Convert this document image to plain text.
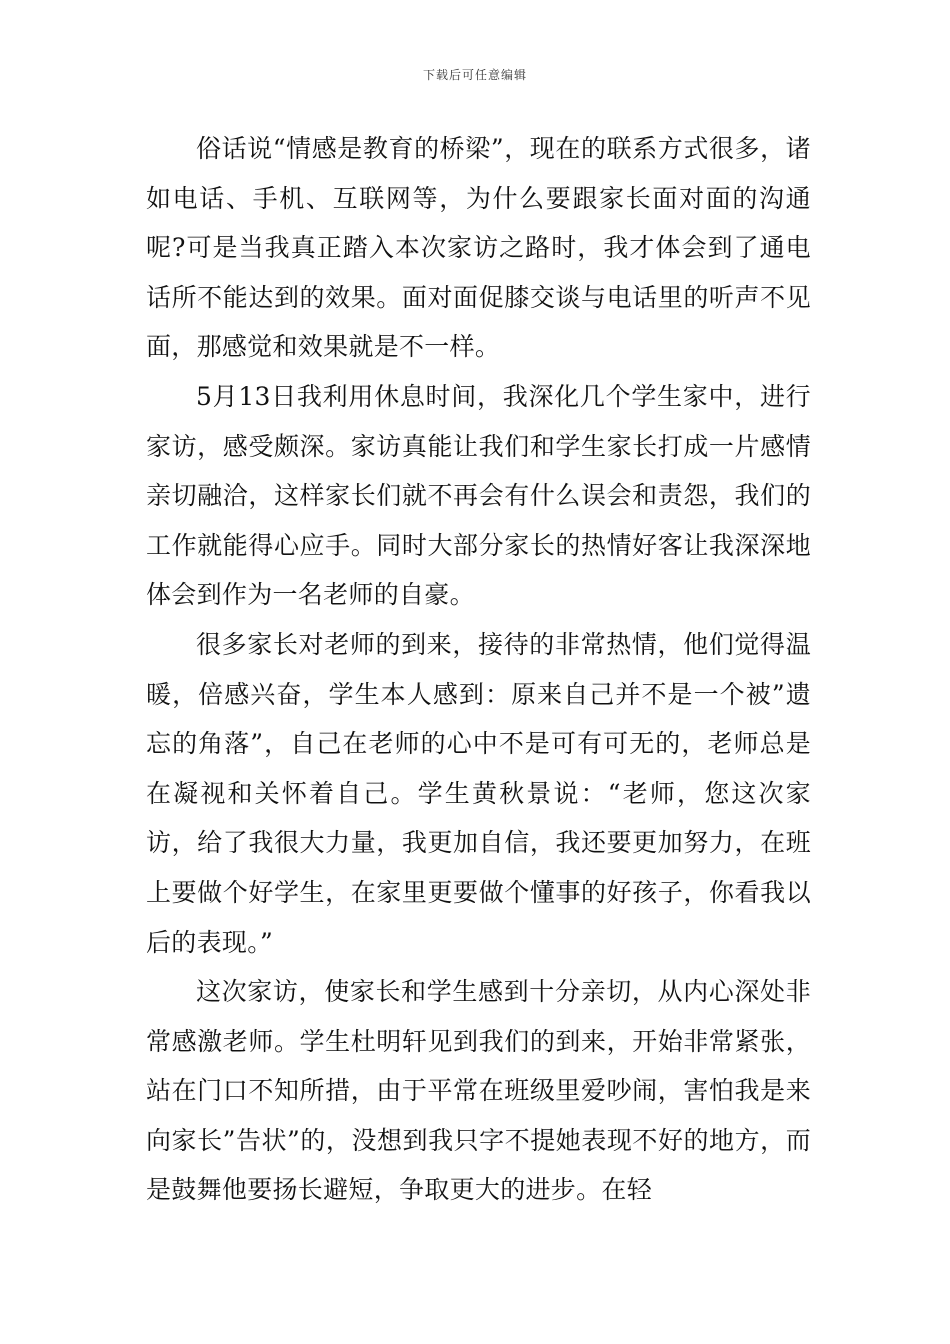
下载后可任意编辑

俗话说“情感是教育的桥梁”，现在的联系方式很多，诸如电话、手机、互联网等，为什么要跟家长面对面的沟通呢?可是当我真正踏入本次家访之路时，我才体会到了通电话所不能达到的效果。面对面促膝交谈与电话里的听声不见面，那感觉和效果就是不一样。

5月13日我利用休息时间，我深化几个学生家中，进行家访，感受颇深。家访真能让我们和学生家长打成一片感情亲切融洽，这样家长们就不再会有什么误会和责怨，我们的工作就能得心应手。同时大部分家长的热情好客让我深深地体会到作为一名老师的自豪。

很多家长对老师的到来，接待的非常热情，他们觉得温暖，倍感兴奋，学生本人感到：原来自己并不是一个被”遗忘的角落”，自己在老师的心中不是可有可无的，老师总是在凝视和关怀着自己。学生黄秋景说：“老师，您这次家访，给了我很大力量，我更加自信，我还要更加努力，在班上要做个好学生，在家里更要做个懂事的好孩子，你看我以后的表现。”

这次家访，使家长和学生感到十分亲切，从内心深处非常感激老师。学生杜明轩见到我们的到来，开始非常紧张，站在门口不知所措，由于平常在班级里爱吵闹，害怕我是来向家长”告状”的，没想到我只字不提她表现不好的地方，而是鼓舞他要扬长避短，争取更大的进步。在轻
